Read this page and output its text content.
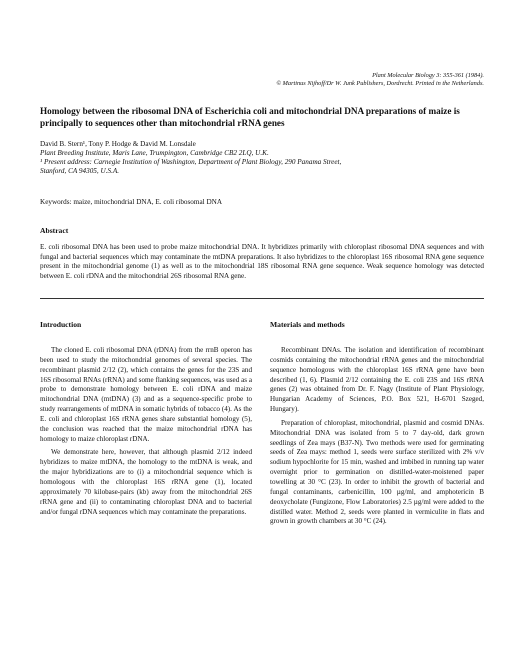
Plant Molecular Biology 3: 355-361 (1984).
© Martinus Nijhoff/Dr W. Junk Publishers, Dordrecht. Printed in the Netherlands.
Homology between the ribosomal DNA of Escherichia coli and mitochondrial DNA preparations of maize is principally to sequences other than mitochondrial rRNA genes
David B. Stern¹, Tony P. Hodge & David M. Lonsdale
Plant Breeding Institute, Maris Lane, Trumpington, Cambridge CB2 2LQ, U.K.
¹ Present address: Carnegie Institution of Washington, Department of Plant Biology, 290 Panama Street,
Stanford, CA 94305, U.S.A.
Keywords: maize, mitochondrial DNA, E. coli ribosomal DNA
Abstract
E. coli ribosomal DNA has been used to probe maize mitochondrial DNA. It hybridizes primarily with chloroplast ribosomal DNA sequences and with fungal and bacterial sequences which may contaminate the mtDNA preparations. It also hybridizes to the chloroplast 16S ribosomal RNA gene sequence present in the mitochondrial genome (1) as well as to the mitochondrial 18S ribosomal RNA gene sequence. Weak sequence homology was detected between E. coli rDNA and the mitochondrial 26S ribosomal RNA gene.
Introduction

The cloned E. coli ribosomal DNA (rDNA) from the rrnB operon has been used to study the mitochondrial genomes of several species. The recombinant plasmid 2/12 (2), which contains the genes for the 23S and 16S ribosomal RNAs (rRNA) and some flanking sequences, was used as a probe to demonstrate homology between E. coli rDNA and maize mitochondrial DNA (mtDNA) (3) and as a sequence-specific probe to study rearrangements of mtDNA in somatic hybrids of tobacco (4). As the E. coli and chloroplast 16S rRNA genes share substantial homology (5), the conclusion was reached that the maize mitochondrial rDNA has homology to maize chloroplast rDNA.

We demonstrate here, however, that although plasmid 2/12 indeed hybridizes to maize mtDNA, the homology to the mtDNA is weak, and the major hybridizations are to (i) a mitochondrial sequence which is homologous with the chloroplast 16S rRNA gene (1), located approximately 70 kilobase-pairs (kb) away from the mitochondrial 26S rRNA gene and (ii) to contaminating chloroplast DNA and to bacterial and/or fungal rDNA sequences which may contaminate the preparations.

Materials and methods

Recombinant DNAs. The isolation and identification of recombinant cosmids containing the mitochondrial rRNA genes and the mitochondrial sequence homologous with the chloroplast 16S rRNA gene have been described (1, 6). Plasmid 2/12 containing the E. coli 23S and 16S rRNA genes (2) was obtained from Dr. F. Nagy (Institute of Plant Physiology, Hungarian Academy of Sciences, P.O. Box 521, H-6701 Szeged, Hungary).

Preparation of chloroplast, mitochondrial, plasmid and cosmid DNAs. Mitochondrial DNA was isolated from 5 to 7 day-old, dark grown seedlings of Zea mays (B37-N). Two methods were used for germinating seeds of Zea mays: method 1, seeds were surface sterilized with 2% v/v sodium hypochlorite for 15 min, washed and imbibed in running tap water overnight prior to germination on distilled-water-moistened paper towelling at 30 °C (23). In order to inhibit the growth of bacterial and fungal contaminants, carbenicillin, 100 µg/ml, and amphotericin B deoxycholate (Fungizone, Flow Laboratories) 2.5 µg/ml were added to the distilled water. Method 2, seeds were planted in vermiculite in flats and grown in growth chambers at 30 °C (24).
